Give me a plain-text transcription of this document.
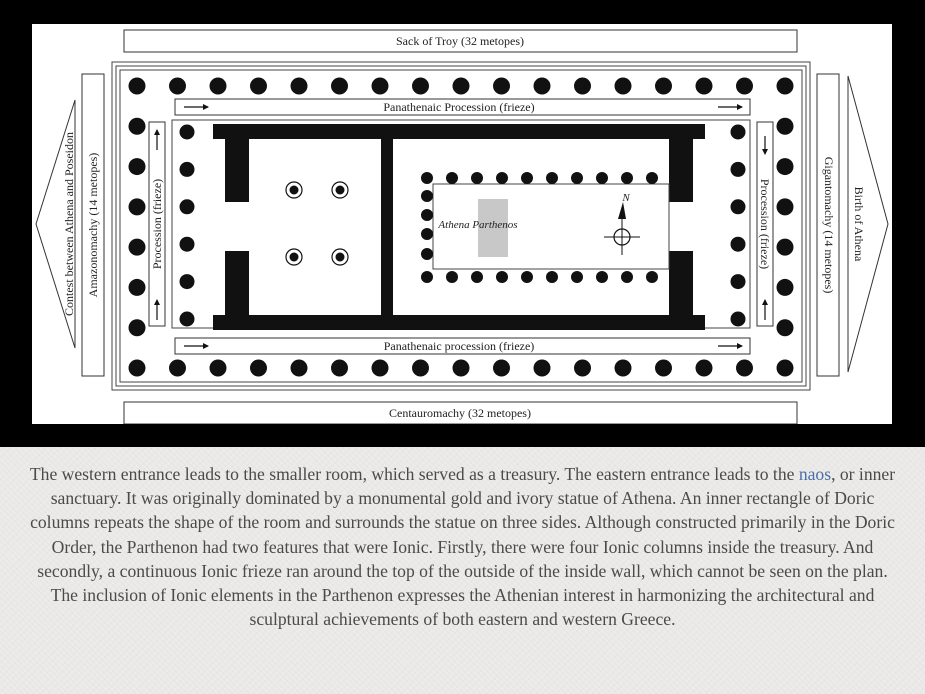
Sack of Troy (32 metopes)
Centauromachy (32 metopes)
Contest between Athena and Poseidon Amazonomachy (14 metopes)	Birth of Athena
Gigantomachy (14 metopes)
Panathenaic Procession (frieze)
Panathenaic procession (frieze)
Procession (frieze)	Procession (frieze)
Athena Parthenos
N

The western entrance leads to the smaller room, which served as a treasury. The eastern entrance leads to the naos, or inner sanctuary. It was originally dominated by a monumental gold and ivory statue of Athena. An inner rectangle of Doric columns repeats the shape of the room and surrounds the statue on three sides. Although constructed primarily in the Doric Order, the Parthenon had two features that were Ionic. Firstly, there were four Ionic columns inside the treasury. And secondly, a continuous Ionic frieze ran around the top of the outside of the inside wall, which cannot be seen on the plan. The inclusion of Ionic elements in the Parthenon expresses the Athenian interest in harmonizing the architectural and sculptural achievements of both eastern and western Greece.
